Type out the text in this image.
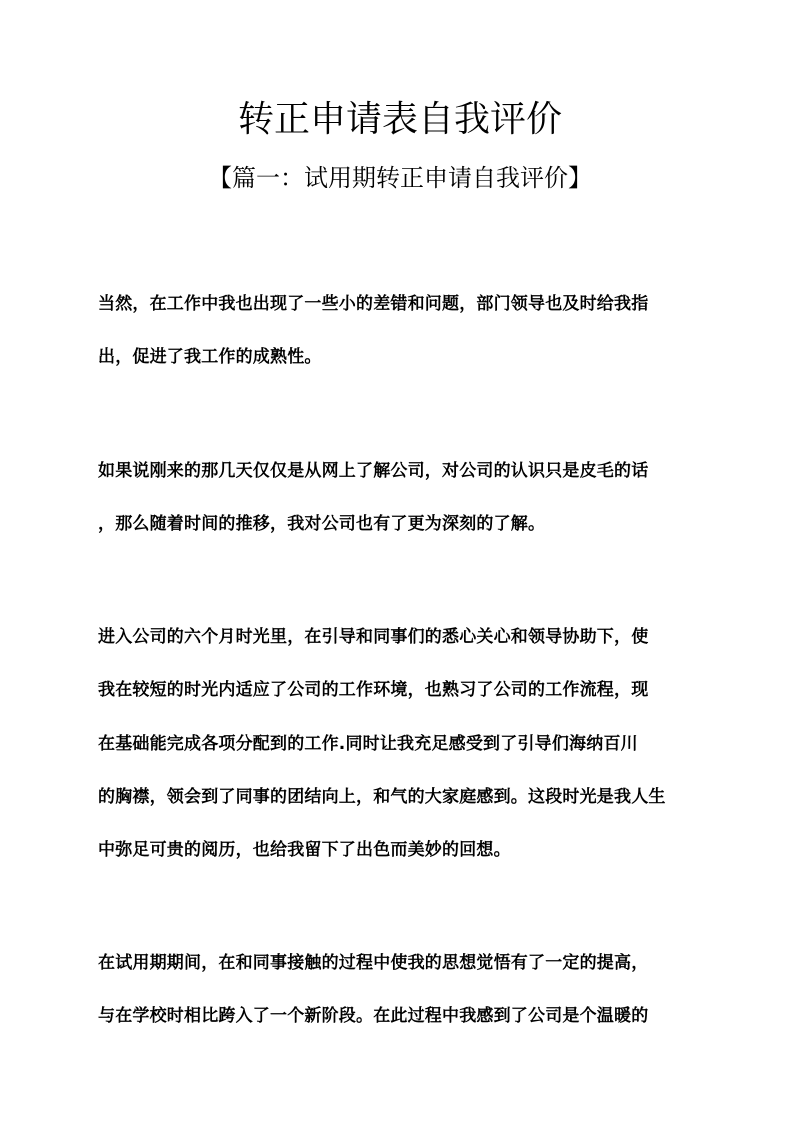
转正申请表自我评价
【篇一：试用期转正申请自我评价】
当然，在工作中我也出现了一些小的差错和问题，部门领导也及时给我指
出，促进了我工作的成熟性。
如果说刚来的那几天仅仅是从网上了解公司，对公司的认识只是皮毛的话
，那么随着时间的推移，我对公司也有了更为深刻的了解。
进入公司的六个月时光里，在引导和同事们的悉心关心和领导协助下，使
我在较短的时光内适应了公司的工作环境，也熟习了公司的工作流程，现
在基础能完成各项分配到的工作.同时让我充足感受到了引导们海纳百川
的胸襟，领会到了同事的团结向上，和气的大家庭感到。这段时光是我人生
中弥足可贵的阅历，也给我留下了出色而美妙的回想。
在试用期期间，在和同事接触的过程中使我的思想觉悟有了一定的提高，
与在学校时相比跨入了一个新阶段。在此过程中我感到了公司是个温暖的
